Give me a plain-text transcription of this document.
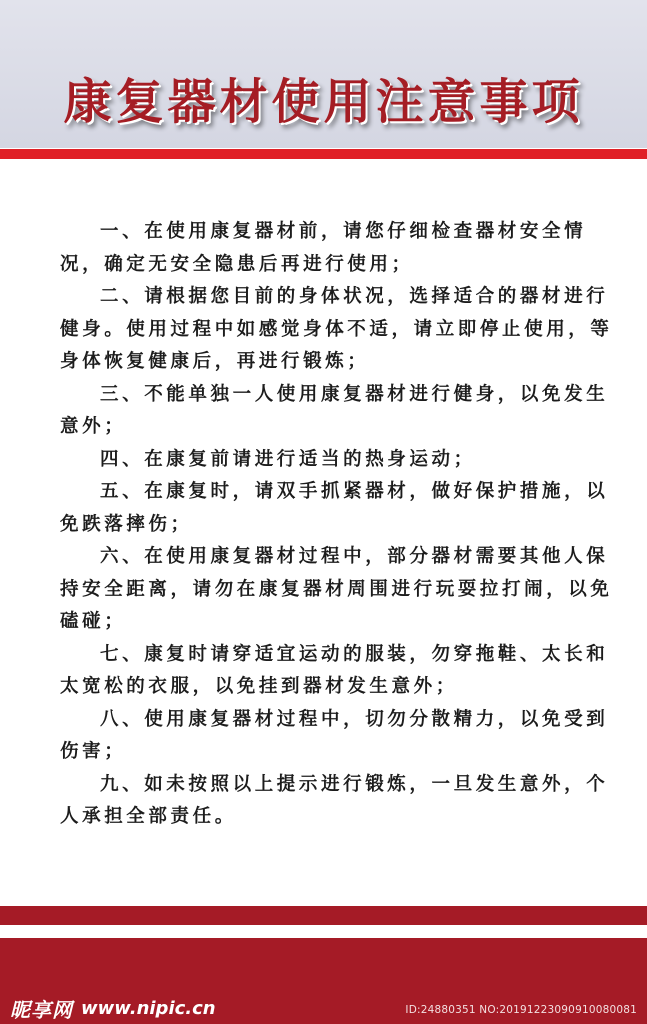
康复器材使用注意事项

一、在使用康复器材前，请您仔细检查器材安全情况，确定无安全隐患后再进行使用；

二、请根据您目前的身体状况，选择适合的器材进行健身。使用过程中如感觉身体不适，请立即停止使用，等身体恢复健康后，再进行锻炼；

三、不能单独一人使用康复器材进行健身，以免发生意外；

四、在康复前请进行适当的热身运动；

五、在康复时，请双手抓紧器材，做好保护措施，以免跌落摔伤；

六、在使用康复器材过程中，部分器材需要其他人保持安全距离，请勿在康复器材周围进行玩耍拉打闹，以免磕碰；

七、康复时请穿适宜运动的服装，勿穿拖鞋、太长和太宽松的衣服，以免挂到器材发生意外；

八、使用康复器材过程中，切勿分散精力，以免受到伤害；

九、如未按照以上提示进行锻炼，一旦发生意外，个人承担全部责任。

昵享网 www.nipic.cn	ID:24880351 NO:20191223090910080081
